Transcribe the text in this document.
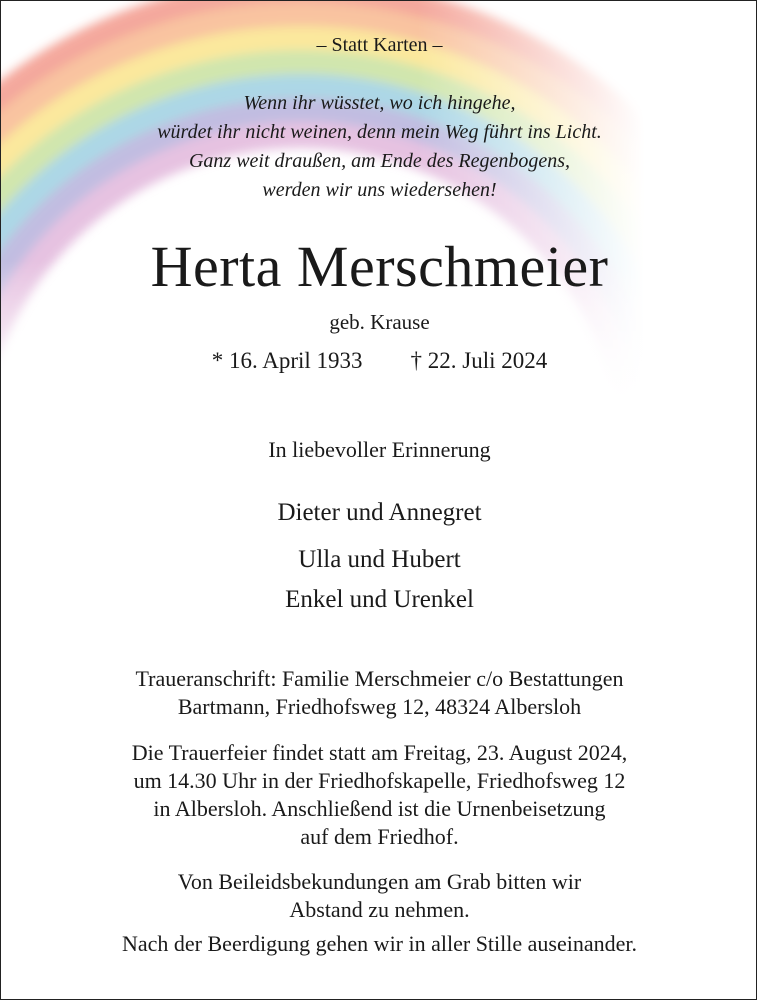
– Statt Karten –
Wenn ihr wüsstet, wo ich hingehe,
würdet ihr nicht weinen, denn mein Weg führt ins Licht.
Ganz weit draußen, am Ende des Regenbogens,
werden wir uns wiedersehen!
Herta Merschmeier
geb. Krause
* 16. April 1933 † 22. Juli 2024
In liebevoller Erinnerung
Dieter und Annegret
Ulla und Hubert
Enkel und Urenkel
Traueranschrift: Familie Merschmeier c/o Bestattungen
Bartmann, Friedhofsweg 12, 48324 Albersloh
Die Trauerfeier findet statt am Freitag, 23. August 2024,
um 14.30 Uhr in der Friedhofskapelle, Friedhofsweg 12
in Albersloh. Anschließend ist die Urnenbeisetzung
auf dem Friedhof.
Von Beileidsbekundungen am Grab bitten wir
Abstand zu nehmen.
Nach der Beerdigung gehen wir in aller Stille auseinander.
